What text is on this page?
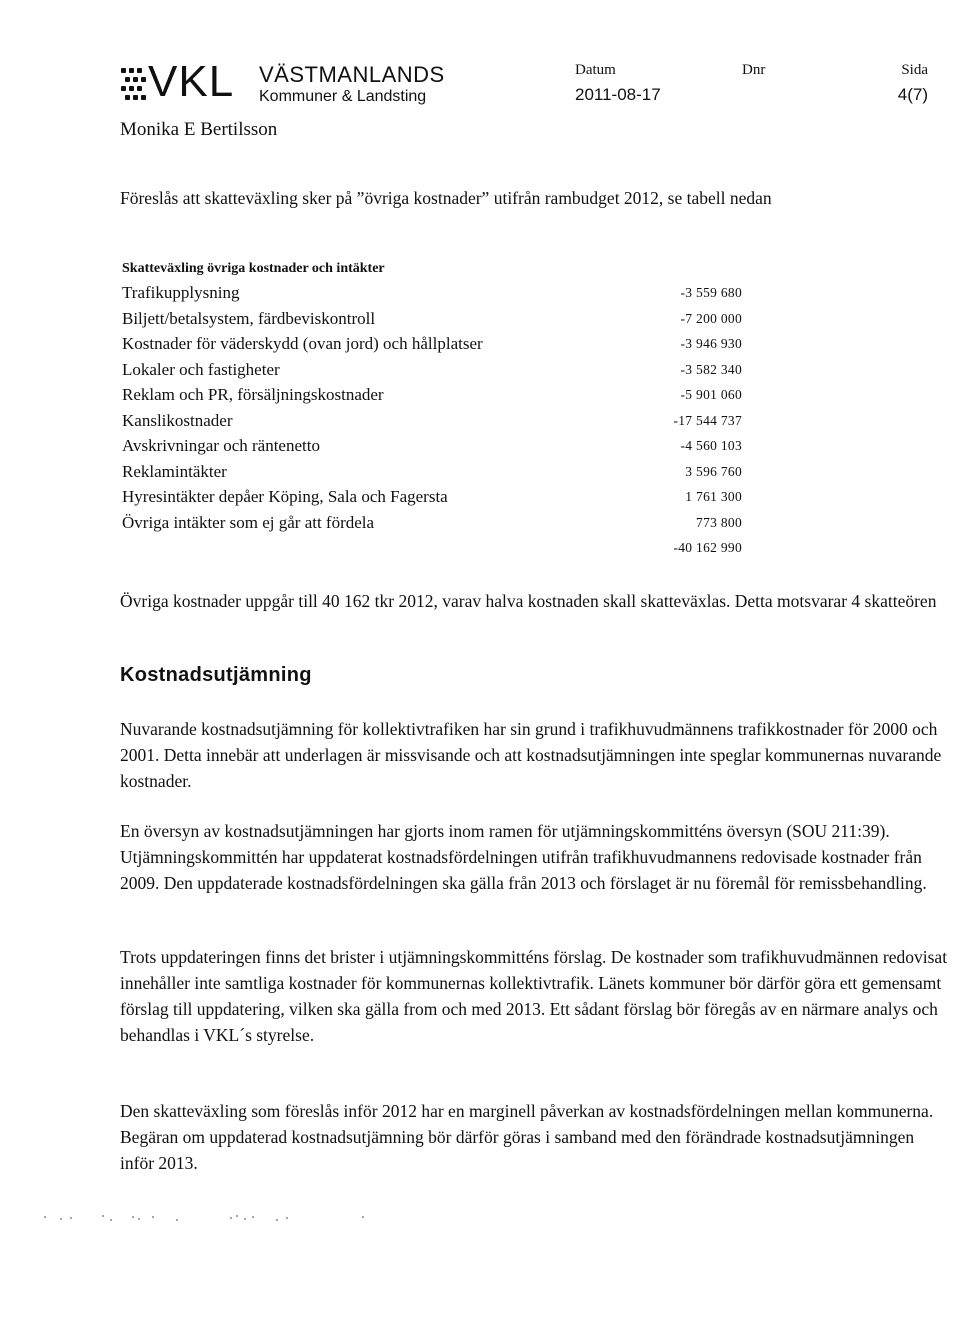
VKL VÄSTMANLANDS
Kommuner & Landsting
Monika E Bertilsson
Datum
2011-08-17
Dnr	Sida
4(7)

Föreslås att skatteväxling sker på ”övriga kostnader” utifrån rambudget 2012, se tabell nedan

Skatteväxling övriga kostnader och intäkter
Trafikupplysning	-3 559 680
Biljett/betalsystem, färdbeviskontroll	-7 200 000
Kostnader för väderskydd (ovan jord) och hållplatser	-3 946 930
Lokaler och fastigheter	-3 582 340
Reklam och PR, försäljningskostnader	-5 901 060
Kanslikostnader	-17 544 737
Avskrivningar och räntenetto	-4 560 103
Reklamintäkter	3 596 760
Hyresintäkter depåer Köping, Sala och Fagersta	1 761 300
Övriga intäkter som ej går att fördela	773 800
-40 162 990

Övriga kostnader uppgår till 40 162 tkr 2012, varav halva kostnaden skall skatteväxlas. Detta motsvarar 4 skatteören

Kostnadsutjämning

Nuvarande kostnadsutjämning för kollektivtrafiken har sin grund i trafikhuvudmännens trafikkostnader för 2000 och 2001. Detta innebär att underlagen är missvisande och att kostnadsutjämningen inte speglar kommunernas nuvarande kostnader.

En översyn av kostnadsutjämningen har gjorts inom ramen för utjämningskommitténs översyn (SOU 211:39). Utjämningskommittén har uppdaterat kostnadsfördelningen utifrån trafikhuvudmannens redovisade kostnader från 2009. Den uppdaterade kostnadsfördelningen ska gälla från 2013 och förslaget är nu föremål för remissbehandling.

Trots uppdateringen finns det brister i utjämningskommitténs förslag. De kostnader som trafikhuvudmännen redovisat innehåller inte samtliga kostnader för kommunernas kollektivtrafik. Länets kommuner bör därför göra ett gemensamt förslag till uppdatering, vilken ska gälla from och med 2013. Ett sådant förslag bör föregås av en närmare analys och behandlas i VKL´s styrelse.

Den skatteväxling som föreslås inför 2012 har en marginell påverkan av kostnadsfördelningen mellan kommunerna. Begäran om uppdaterad kostnadsutjämning bör därför göras i samband med den förändrade kostnadsutjämningen inför 2013.
